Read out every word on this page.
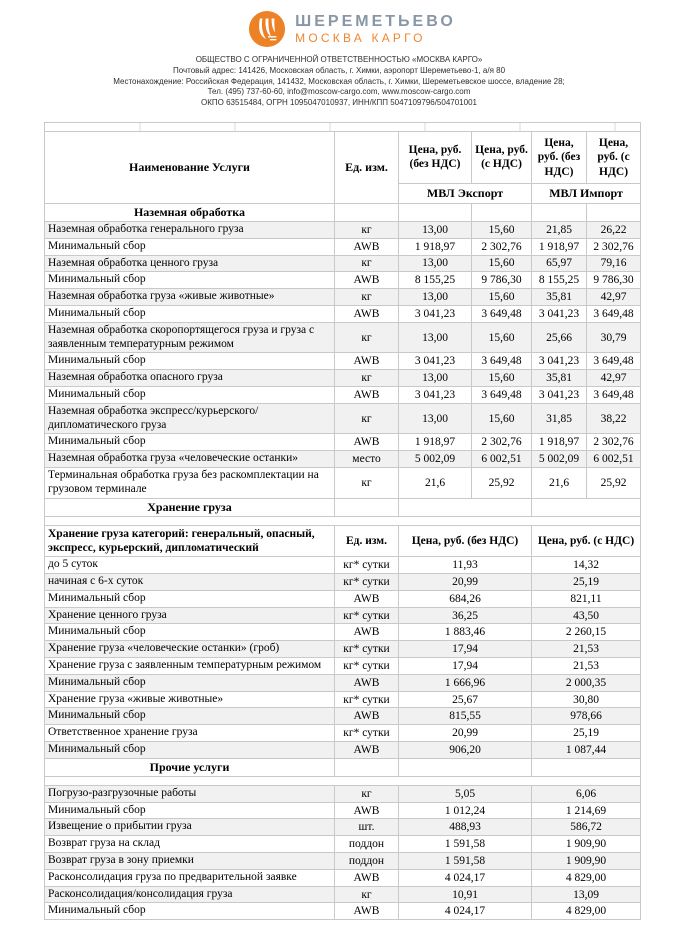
ШЕРЕМЕТЬЕВО
МОСКВА КАРГО
ОБЩЕСТВО С ОГРАНИЧЕННОЙ ОТВЕТСТВЕННОСТЬЮ «МОСКВА КАРГО»
Почтовый адрес: 141426, Московская область, г. Химки, аэропорт Шереметьево-1, а/я 80
Местонахождение: Российская Федерация, 141432, Московская область, г. Химки, Шереметьевское шоссе, владение 28;
Тел. (495) 737-60-60, info@moscow-cargo.com, www.moscow-cargo.com
ОКПО 63515484, ОГРН 1095047010937, ИНН/КПП 5047109796/504701001

Наименование Услуги	Ед. изм.	Цена, руб. (без НДС)	Цена, руб. (с НДС)	Цена, руб. (без НДС)	Цена, руб. (с НДС)
		МВЛ Экспорт		МВЛ Импорт	
Наземная обработка					
Наземная обработка генерального груза	кг	13,00	15,60	21,85	26,22
Минимальный сбор	AWB	1 918,97	2 302,76	1 918,97	2 302,76
Наземная обработка ценного груза	кг	13,00	15,60	65,97	79,16
Минимальный сбор	AWB	8 155,25	9 786,30	8 155,25	9 786,30
Наземная обработка груза «живые животные»	кг	13,00	15,60	35,81	42,97
Минимальный сбор	AWB	3 041,23	3 649,48	3 041,23	3 649,48
Наземная обработка скоропортящегося груза и груза с заявленным температурным режимом	кг	13,00	15,60	25,66	30,79
Минимальный сбор	AWB	3 041,23	3 649,48	3 041,23	3 649,48
Наземная обработка опасного груза	кг	13,00	15,60	35,81	42,97
Минимальный сбор	AWB	3 041,23	3 649,48	3 041,23	3 649,48
Наземная обработка экспресс/курьерского/ дипломатического груза	кг	13,00	15,60	31,85	38,22
Минимальный сбор	AWB	1 918,97	2 302,76	1 918,97	2 302,76
Наземная обработка груза «человеческие останки»	место	5 002,09	6 002,51	5 002,09	6 002,51
Терминальная обработка груза без раскомплектации на грузовом терминале	кг	21,6	25,92	21,6	25,92
Хранение груза					

Хранение груза категорий: генеральный, опасный, экспресс, курьерский, дипломатический	Ед. изм.	Цена, руб. (без НДС)		Цена, руб. (с НДС)	
до 5 суток	кг* сутки	11,93		14,32	
начиная с 6-х суток	кг* сутки	20,99		25,19	
Минимальный сбор	AWB	684,26		821,11	
Хранение ценного груза	кг* сутки	36,25		43,50	
Минимальный сбор	AWB	1 883,46		2 260,15	
Хранение груза «человеческие останки» (гроб)	кг* сутки	17,94		21,53	
Хранение груза с заявленным температурным режимом	кг* сутки	17,94		21,53	
Минимальный сбор	AWB	1 666,96		2 000,35	
Хранение груза «живые животные»	кг* сутки	25,67		30,80	
Минимальный сбор	AWB	815,55		978,66	
Ответственное хранение груза	кг* сутки	20,99		25,19	
Минимальный сбор	AWB	906,20		1 087,44	
Прочие услуги					

Погрузо-разгрузочные работы	кг	5,05		6,06	
Минимальный сбор	AWB	1 012,24		1 214,69	
Извещение о прибытии груза	шт.	488,93		586,72	
Возврат груза на склад	поддон	1 591,58		1 909,90	
Возврат груза в зону приемки	поддон	1 591,58		1 909,90	
Расконсолидация груза по предварительной заявке	AWB	4 024,17		4 829,00	
Расконсолидация/консолидация груза	кг	10,91		13,09	
Минимальный сбор	AWB	4 024,17		4 829,00	
